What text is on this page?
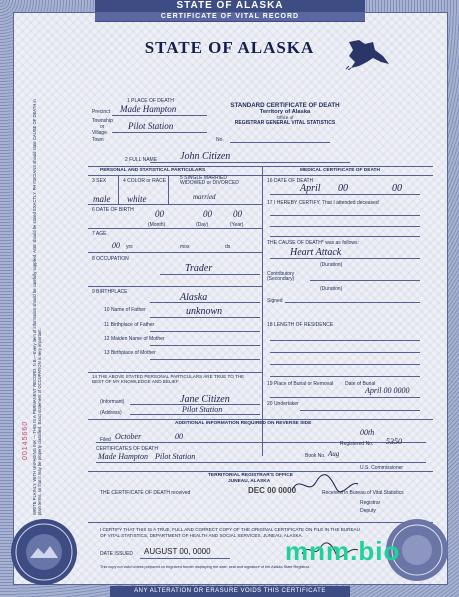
STATE OF ALASKA
CERTIFICATE OF VITAL RECORD
STATE OF ALASKA
WRITE PLAINLY, WITH UNFADING INK — THIS IS A PERMANENT RECORD. N.B.—Every item of information should be carefully supplied. AGE should be stated EXACTLY. PHYSICIANS should state CAUSE OF DEATH in plain terms, so that it may be properly classified. Exact statement of OCCUPATION is very important.
00145660
1 PLACE OF DEATH
Precinct Made Hampton
Township
or
Village
Pilot Station
Town	No.
STANDARD CERTIFICATE OF DEATH
Territory of Alaska
Office of
REGISTRAR GENERAL VITAL STATISTICS
2 FULL NAME John Citizen
PERSONAL AND STATISTICAL PARTICULARS	MEDICAL CERTIFICATE OF DEATH
3 SEX	4 COLOR or RACE	5 SINGLE MARRIED WIDOWED or DIVORCED
male white	married
16 DATE OF DEATH
April 00	00
6 DATE OF BIRTH 00	00 00
(Month)	(Day)	(Year)
17 I HEREBY CERTIFY, That I attended deceased
7 AGE
00 yrs	mos	ds
THE CAUSE OF DEATH* was as follows:
Heart Attack
(Duration)
Contributory (Secondary)
(Duration)
Signed
8 OCCUPATION
Trader
9 BIRTHPLACE	Alaska
10 Name of Father	unknown
11 Birthplace of Father
12 Maiden Name of Mother
13 Birthplace of Mother
18 LENGTH OF RESIDENCE
19 Place of Burial or Removal Date of Burial
April 00 0000
20 Undertaker
14 THE ABOVE STATED PERSONAL PARTICULARS ARE TRUE TO THE BEST OF MY KNOWLEDGE AND BELIEF
Jane Citizen
(Informant)
Pilot Station
(Address)
ADDITIONAL INFORMATION REQUIRED ON REVERSE SIDE
Filed October	00	00th
CERTIFICATES OF DEATH
Made Hampton Pilot Station	Book No. Aug
Registered No. 5350
U.S. Commissioner
TERRITORIAL REGISTRAR'S OFFICE
JUNEAU, ALASKA
THE CERTIFICATE OF DEATH received	DEC 00 0000	Received in Bureau of Vital Statistics
Registrar
Deputy
I CERTIFY THAT THIS IS A TRUE, FULL AND CORRECT COPY OF THE ORIGINAL CERTIFICATE ON FILE IN THE BUREAU OF VITAL STATISTICS, DEPARTMENT OF HEALTH AND SOCIAL SERVICES, JUNEAU, ALASKA.
DATE ISSUED AUGUST 00, 0000
This copy not valid unless prepared on engraved border displaying the date, seal and signature of the Alaska State Registrar.
mnm.bio
ANY ALTERATION OR ERASURE VOIDS THIS CERTIFICATE
